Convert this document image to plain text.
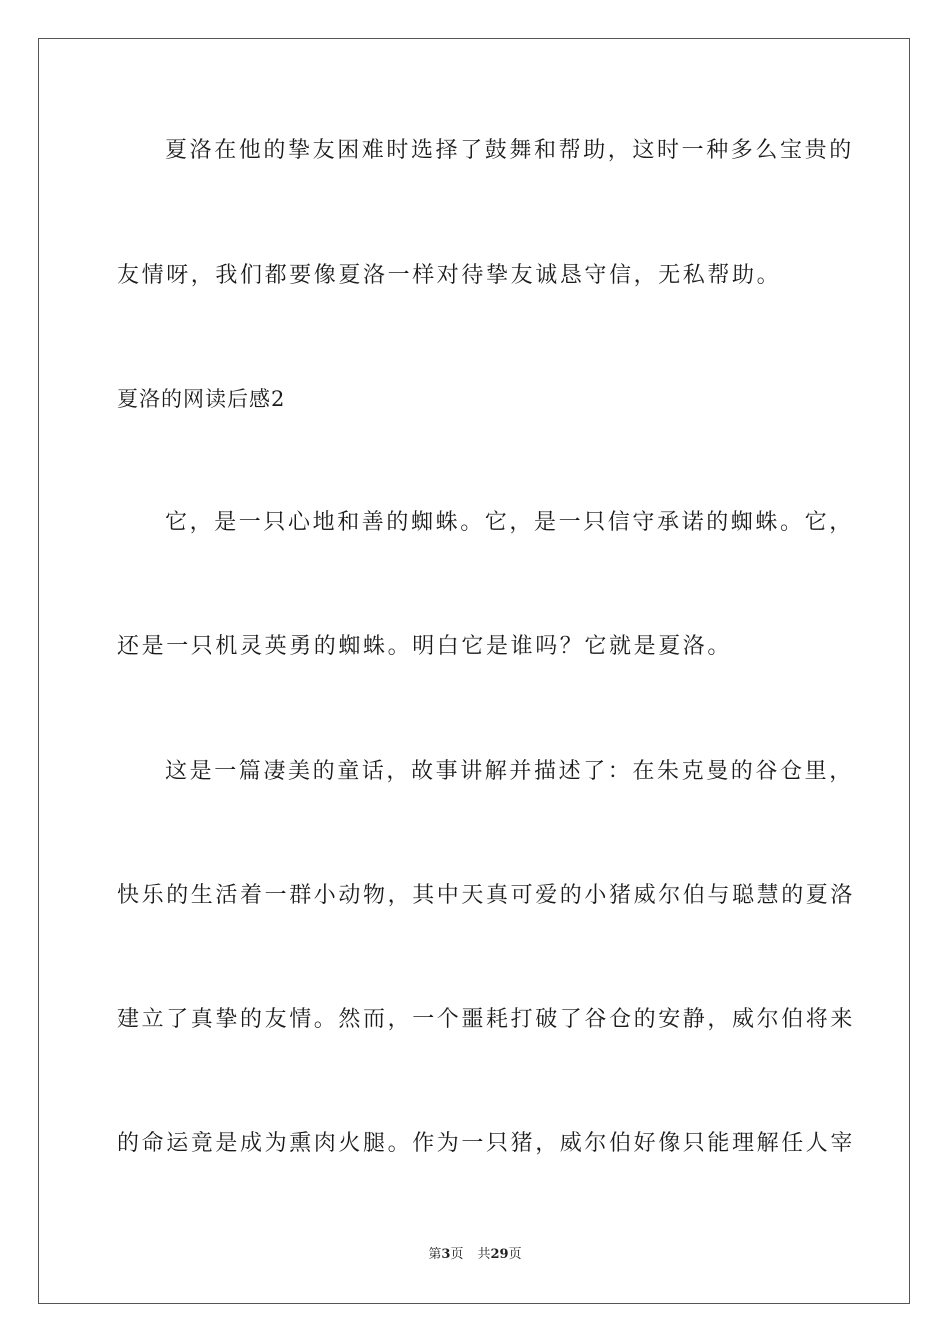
夏洛在他的挚友困难时选择了鼓舞和帮助，这时一种多么宝贵的
友情呀，我们都要像夏洛一样对待挚友诚恳守信，无私帮助。
夏洛的网读后感2
它，是一只心地和善的蜘蛛。它，是一只信守承诺的蜘蛛。它，
还是一只机灵英勇的蜘蛛。明白它是谁吗？它就是夏洛。
这是一篇凄美的童话，故事讲解并描述了：在朱克曼的谷仓里，
快乐的生活着一群小动物，其中天真可爱的小猪威尔伯与聪慧的夏洛
建立了真挚的友情。然而，一个噩耗打破了谷仓的安静，威尔伯将来
的命运竟是成为熏肉火腿。作为一只猪，威尔伯好像只能理解任人宰
第3页 共29页
